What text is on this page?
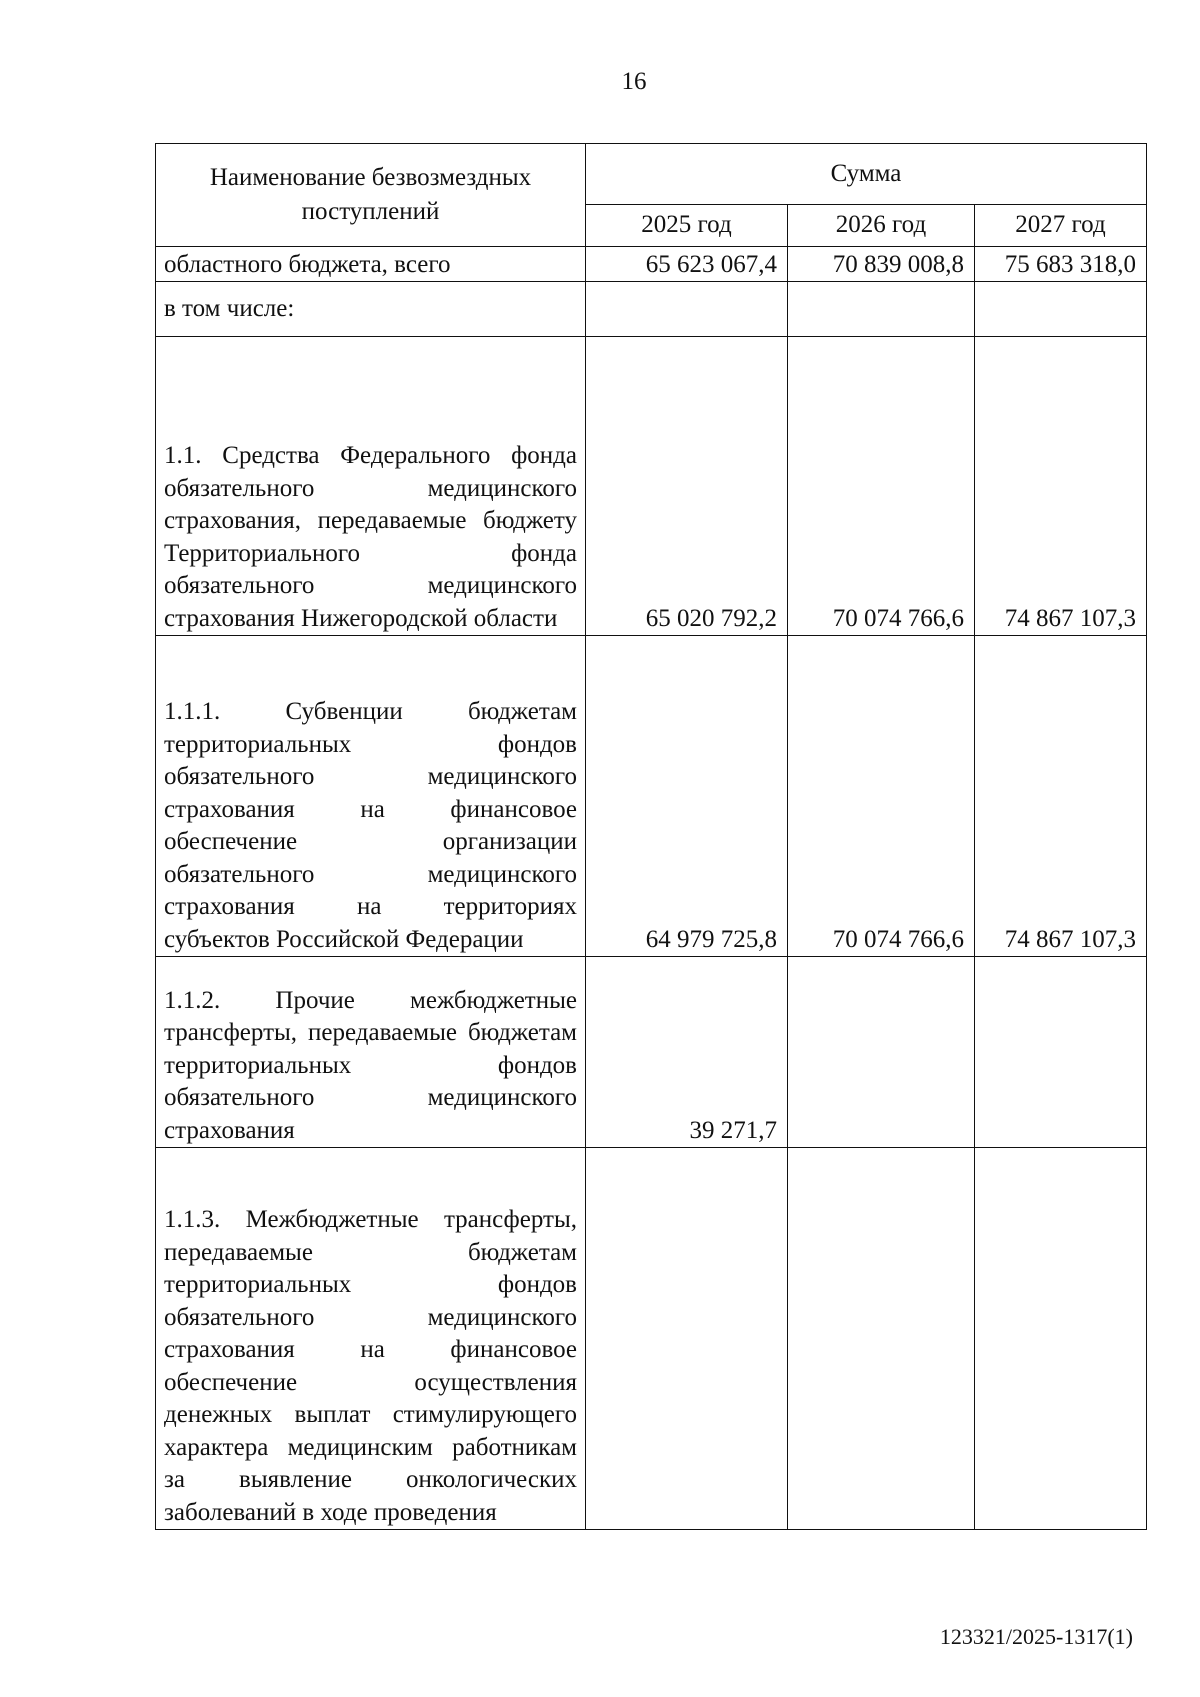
16
Наименование безвозмездных поступлений	Сумма		
	2025 год	2026 год	2027 год
областного бюджета, всего	65 623 067,4	70 839 008,8	75 683 318,0
в том числе:			
1.1. Средства Федерального фонда обязательного медицинского страхования, передаваемые бюджету Территориального фонда обязательного медицинского страхования Нижегородской области	65 020 792,2	70 074 766,6	74 867 107,3
1.1.1. Субвенции бюджетам территориальных фондов обязательного медицинского страхования на финансовое обеспечение организации обязательного медицинского страхования на территориях субъектов Российской Федерации	64 979 725,8	70 074 766,6	74 867 107,3
1.1.2. Прочие межбюджетные трансферты, передаваемые бюджетам территориальных фондов обязательного медицинского страхования	39 271,7		
1.1.3. Межбюджетные трансферты, передаваемые бюджетам территориальных фондов обязательного медицинского страхования на финансовое обеспечение осуществления денежных выплат стимулирующего характера медицинским работникам за выявление онкологических заболеваний в ходе проведения			
123321/2025-1317(1)
